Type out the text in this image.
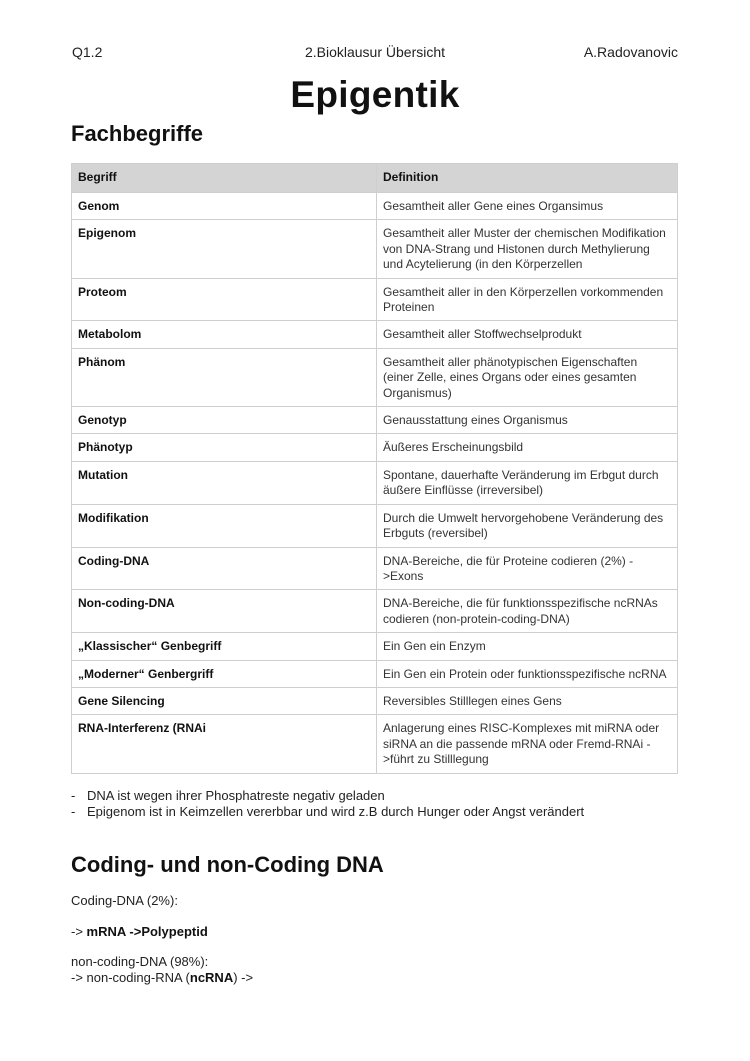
Q1.2	2.Bioklausur Übersicht	A.Radovanovic
Epigentik
Fachbegriffe
Begriff	Definition
Genom	Gesamtheit aller Gene eines Organsimus
Epigenom	Gesamtheit aller Muster der chemischen Modifikation von DNA-Strang und Histonen durch Methylierung und Acytelierung (in den Körperzellen
Proteom	Gesamtheit aller in den Körperzellen vorkommenden Proteinen
Metabolom	Gesamtheit aller Stoffwechselprodukt
Phänom	Gesamtheit aller phänotypischen Eigenschaften (einer Zelle, eines Organs oder eines gesamten Organismus)
Genotyp	Genausstattung eines Organismus
Phänotyp	Äußeres Erscheinungsbild
Mutation	Spontane, dauerhafte Veränderung im Erbgut durch äußere Einflüsse (irreversibel)
Modifikation	Durch die Umwelt hervorgehobene Veränderung des Erbguts (reversibel)
Coding-DNA	DNA-Bereiche, die für Proteine codieren (2%) ->Exons
Non-coding-DNA	DNA-Bereiche, die für funktionsspezifische ncRNAs codieren (non-protein-coding-DNA)
„Klassischer“ Genbegriff	Ein Gen ein Enzym
„Moderner“ Genbergriff	Ein Gen ein Protein oder funktionsspezifische ncRNA
Gene Silencing	Reversibles Stilllegen eines Gens
RNA-Interferenz (RNAi	Anlagerung eines RISC-Komplexes mit miRNA oder siRNA an die passende mRNA oder Fremd-RNAi ->führt zu Stilllegung
- DNA ist wegen ihrer Phosphatreste negativ geladen
- Epigenom ist in Keimzellen vererbbar und wird z.B durch Hunger oder Angst verändert
Coding- und non-Coding DNA
Coding-DNA (2%):
-> mRNA ->Polypeptid
non-coding-DNA (98%):
-> non-coding-RNA (ncRNA) ->
